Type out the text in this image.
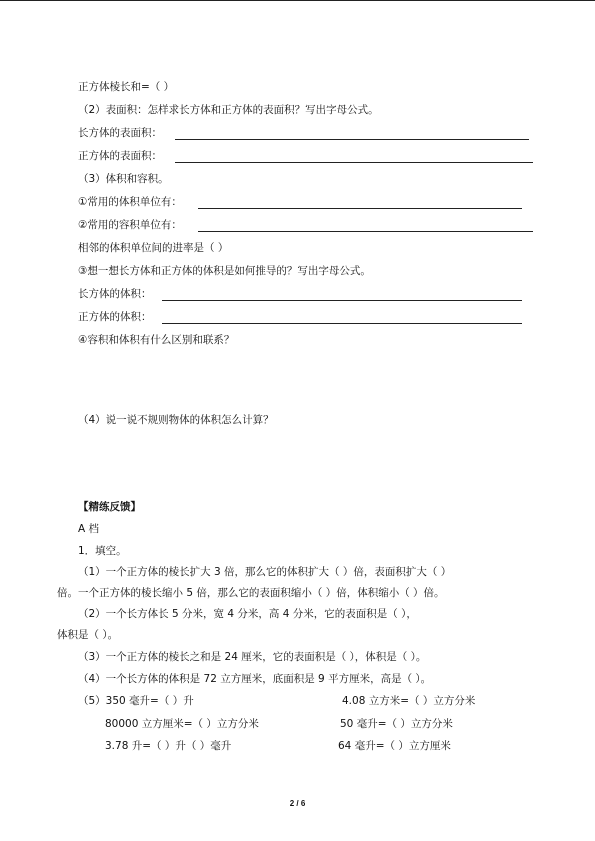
正方体棱长和=（ ）
（2）表面积：怎样求长方体和正方体的表面积？写出字母公式。
长方体的表面积：
正方体的表面积：
（3）体积和容积。
①常用的体积单位有：
②常用的容积单位有：
相邻的体积单位间的进率是（ ）
③想一想长方体和正方体的体积是如何推导的？写出字母公式。
长方体的体积：
正方体的体积：
④容积和体积有什么区别和联系？
（4）说一说不规则物体的体积怎么计算？
【精练反馈】
A 档
1．填空。
（1）一个正方体的棱长扩大 3 倍，那么它的体积扩大（ ）倍，表面积扩大（ ）
倍。一个正方体的棱长缩小 5 倍，那么它的表面积缩小（ ）倍，体积缩小（ ）倍。
（2）一个长方体长 5 分米，宽 4 分米，高 4 分米，它的表面积是（ ），
体积是（ ）。
（3）一个正方体的棱长之和是 24 厘米，它的表面积是（ ），体积是（ ）。
（4）一个长方体的体积是 72 立方厘米，底面积是 9 平方厘米，高是（ ）。
（5）350 毫升=（ ）升	4.08 立方米=（ ）立方分米
80000 立方厘米=（ ）立方分米	50 毫升=（ ）立方分米
3.78 升=（ ）升（ ）毫升	64 毫升=（ ）立方厘米
2 / 6
